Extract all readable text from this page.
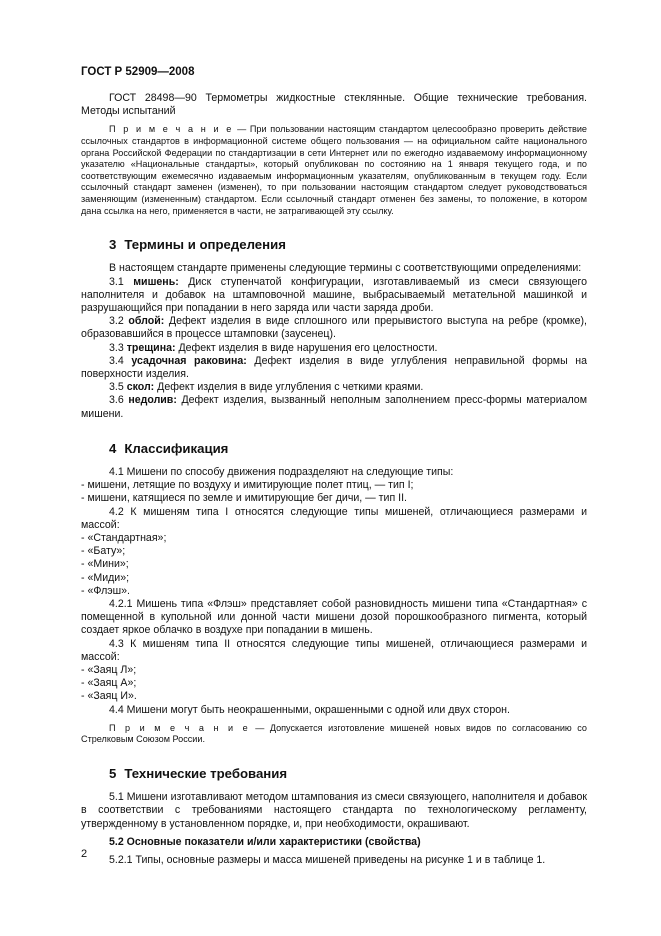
ГОСТ Р 52909—2008

ГОСТ 28498—90 Термометры жидкостные стеклянные. Общие технические требования. Методы испытаний

П р и м е ч а н и е — При пользовании настоящим стандартом целесообразно проверить действие ссылочных стандартов в информационной системе общего пользования — на официальном сайте национального органа Российской Федерации по стандартизации в сети Интернет или по ежегодно издаваемому информационному указателю «Национальные стандарты», который опубликован по состоянию на 1 января текущего года, и по соответствующим ежемесячно издаваемым информационным указателям, опубликованным в текущем году. Если ссылочный стандарт заменен (изменен), то при пользовании настоящим стандартом следует руководствоваться заменяющим (измененным) стандартом. Если ссылочный стандарт отменен без замены, то положение, в котором дана ссылка на него, применяется в части, не затрагивающей эту ссылку.

3 Термины и определения

В настоящем стандарте применены следующие термины с соответствующими определениями:

3.1 мишень: Диск ступенчатой конфигурации, изготавливаемый из смеси связующего наполнителя и добавок на штамповочной машине, выбрасываемый метательной машинкой и разрушающийся при попадании в него заряда или части заряда дроби.

3.2 облой: Дефект изделия в виде сплошного или прерывистого выступа на ребре (кромке), образовавшийся в процессе штамповки (заусенец).

3.3 трещина: Дефект изделия в виде нарушения его целостности.

3.4 усадочная раковина: Дефект изделия в виде углубления неправильной формы на поверхности изделия.

3.5 скол: Дефект изделия в виде углубления с четкими краями.

3.6 недолив: Дефект изделия, вызванный неполным заполнением пресс-формы материалом мишени.

4 Классификация

4.1 Мишени по способу движения подразделяют на следующие типы:

- мишени, летящие по воздуху и имитирующие полет птиц, — тип I;

- мишени, катящиеся по земле и имитирующие бег дичи, — тип II.

4.2 К мишеням типа I относятся следующие типы мишеней, отличающиеся размерами и массой:

- «Стандартная»;

- «Бату»;

- «Мини»;

- «Миди»;

- «Флэш».

4.2.1 Мишень типа «Флэш» представляет собой разновидность мишени типа «Стандартная» с помещенной в купольной или донной части мишени дозой порошкообразного пигмента, который создает яркое облачко в воздухе при попадании в мишень.

4.3 К мишеням типа II относятся следующие типы мишеней, отличающиеся размерами и массой:

- «Заяц Л»;

- «Заяц А»;

- «Заяц И».

4.4 Мишени могут быть неокрашенными, окрашенными с одной или двух сторон.

П р и м е ч а н и е — Допускается изготовление мишеней новых видов по согласованию со Стрелковым Союзом России.

5 Технические требования

5.1 Мишени изготавливают методом штампования из смеси связующего, наполнителя и добавок в соответствии с требованиями настоящего стандарта по технологическому регламенту, утвержденному в установленном порядке, и, при необходимости, окрашивают.

5.2 Основные показатели и/или характеристики (свойства)

5.2.1 Типы, основные размеры и масса мишеней приведены на рисунке 1 и в таблице 1.

2
